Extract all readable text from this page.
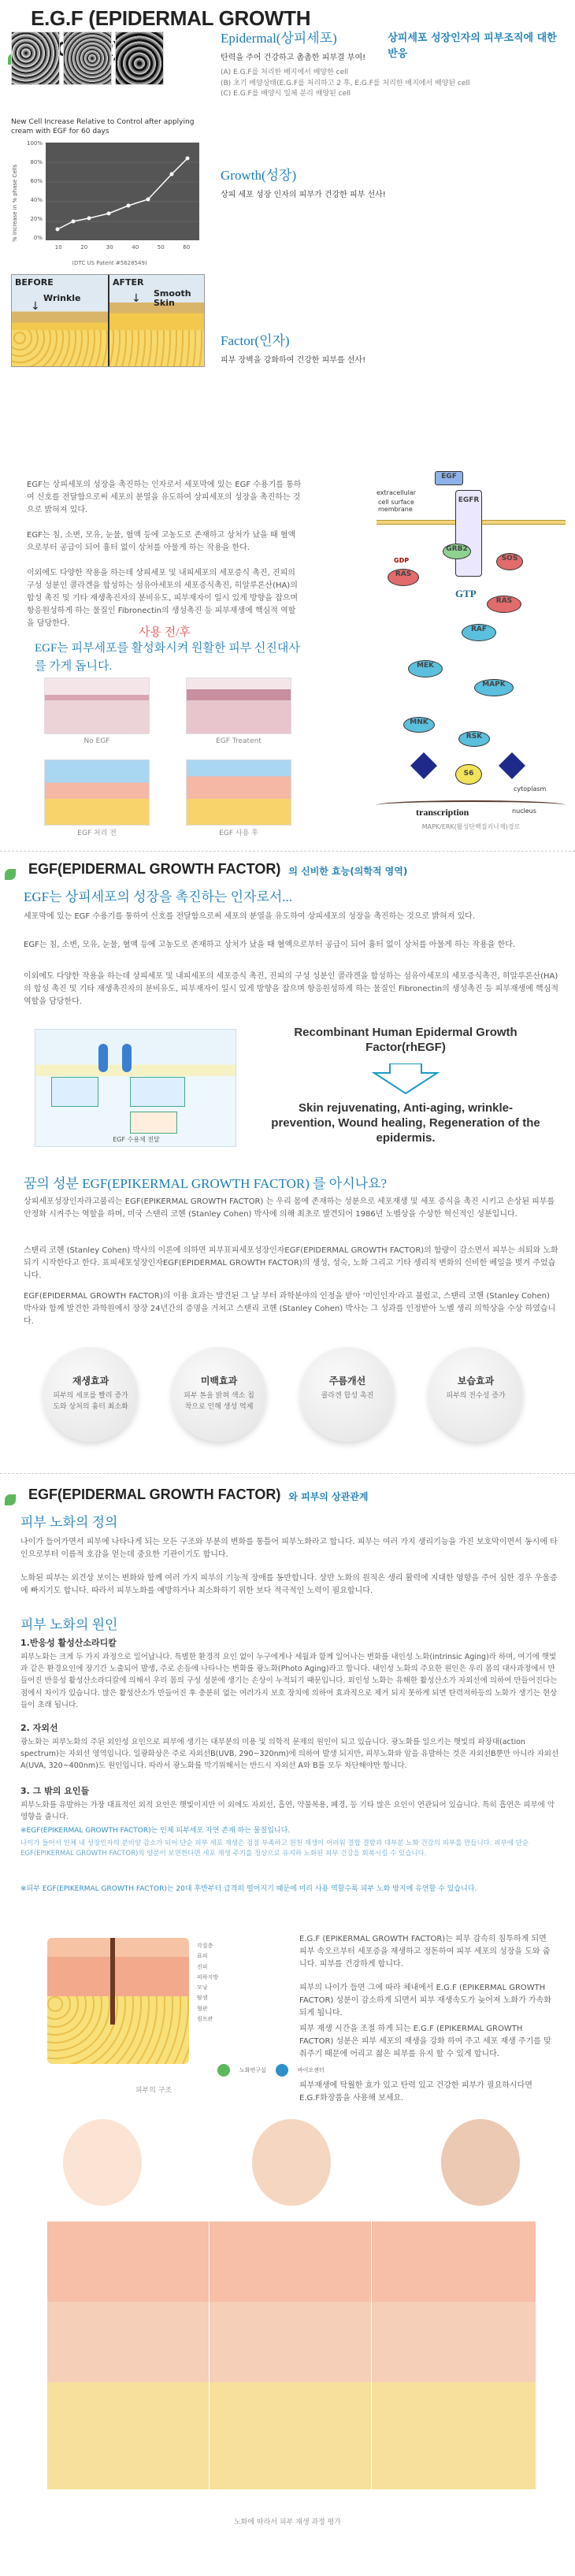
E.G.F (EPIDERMAL GROWTH
상피세포 성장인자의 피부조직에 대한 반응
Epidermal(상피세포)
탄력을 주어 건강하고 촘촘한 피부결 부여!
(A) E.G.F를 처리한 배지에서 배양한 cell
(B) 초기 배양상태(E.G.F를 처리하고 2 후, E.G.F를 처리한 배지에서 배양된 cell
(C) E.G.F를 배양시 일체 분리 배양된 cell
New Cell Increase Relative to Control after applying cream with EGF for 60 days
% Increase in % phase Cells
100%
80%
60%
40%
20%
0%
10	20	30	40	50	60
(DTC US Patent #5628549)
Growth(성장)
상피 세포 성장 인자의 피부가 건강한 피부 선사!
BEFORE	AFTER
Wrinkle	Smooth Skin
↓
↓
Factor(인자)
피부 장벽을 강화하여 건강한 피부를 선사!
EGF는 상피세포의 성장을 촉진하는 인자로서 세포막에 있는 EGF 수용기를 통하여 신호를 전달함으로써 세포의 분열을 유도하여 상피세포의 성장을 촉진하는 것으로 밝혀져 있다.
EGF는 침, 소변, 모유, 눈물, 혈액 등에 고농도로 존재하고 상처가 났을 때 혈액으로부터 공급이 되어 흉터 없이 상처를 아물게 하는 작용을 한다.
이외에도 다양한 작용을 하는데 상피세포 및 내피세포의 세포증식 촉진, 진피의 구성 성분인 콜라겐을 합성하는 섬유아세포의 세포증식촉진, 히알루론산(HA)의 합성 촉진 및 기타 재생촉진자의 분비유도, 피부재자이 일시 있게 방향을 잡으며 항응원성하게 하는 물질인 Fibronectin의 생성촉진 등 피부재생에 핵심적 역할을 담당한다.
사용 전/후
EGF는 피부세포를 활성화시켜 원활한 피부 신진대사를 가게 돕니다.
No EGF	EGF Treatent
EGF 처리 전	EGF 사용 후
EGF
extracellular
cell surface membrane
EGFR
GRB2
SOS
GDP
RAS
GTP
RAS
RAF
MEK
MAPK
MNK
RSK
S6
cytoplasm
transcription	nucleus
MAPK/ERK(활성단백질키나제)경로
EGF(EPIDERMAL GROWTH FACTOR) 의 신비한 효능(의학적 영역)
EGF는 상피세포의 성장을 촉진하는 인자로서...
세포막에 있는 EGF 수용기를 통하여 신호를 전달함으로써 세포의 분열을 유도하여 상피세포의 성장을 촉진하는 것으로 밝혀져 있다.
EGF는 침, 소변, 모유, 눈물, 혈액 등에 고농도로 존재하고 상처가 났을 때 혈액으로부터 공급이 되어 흉터 없이 상처를 아물게 하는 작용을 한다.
이외에도 다양한 작용을 하는데 상피세포 및 내피세포의 세포증식 촉진, 진피의 구성 성분인 콜라겐을 합성하는 섬유아세포의 세포증식촉진, 히알루론산(HA)의 합성 촉진 및 기타 재생촉진자의 분비유도, 피부재자이 일시 있게 방향을 잡으며 항응원성하게 하는 물질인 Fibronectin의 생성촉진 등 피부재생에 핵심적 역할을 담당한다.
EGF 수용체 전달
Recombinant Human Epidermal Growth Factor(rhEGF)
Skin rejuvenating, Anti-aging, wrinkle-prevention, Wound healing, Regeneration of the epidermis.
꿈의 성분 EGF(EPIKERMAL GROWTH FACTOR) 를 아시나요?
상피세포성장인자라고불리는 EGF(EPIKERMAL GROWTH FACTOR) 는 우리 몸에 존재하는 성분으로 세포재생 및 세포 증식을 촉진 시키고 손상된 피부를 안정화 시켜주는 역할을 하며, 미국 스탠리 코헨 (Stanley Cohen) 박사에 의해 최초로 발견되어 1986년 노벨상을 수상한 혁신적인 성분입니다.
스탠리 코헨 (Stanley Cohen) 박사의 이론에 의하면 피부표피세포성장인자EGF(EPIDERMAL GROWTH FACTOR)의 함량이 감소면서 피부는 쇠퇴와 노화되기 시작한다고 한다. 표피세포성장인자EGF(EPIDERMAL GROWTH FACTOR)의 생성, 성숙, 노화 그리고 기타 생리적 변화의 신비한 베일을 벗겨 주었습니다.
EGF(EPIDERMAL GROWTH FACTOR)의 이용 효과는 발견된 그 날 부터 과학분야의 인정을 받아 '미인인자'라고 불렀고, 스탠리 코헨 (Stanley Cohen) 박사와 함께 발견한 과학원에서 장장 24년간의 증명을 거쳐고 스탠리 코헨 (Stanley Cohen) 박사는 그 성과를 인정받아 노벨 생리 의학상을 수상 하였습니다.
재생효과
피부의 세포를 빨리 증가 도와 상처의 흉터 최소화
미백효과
피부 톤을 밝혀 색소 침착으로 인해 생성 억제
주름개선
콜라겐 합성 촉진
보습효과
피부의 전수성 증가
EGF(EPIDERMAL GROWTH FACTOR) 와 피부의 상관관계
피부 노화의 정의
나이가 들어가면서 피부에 나타나게 되는 모든 구조와 부분의 변화를 통틀어 피부노화라고 합니다. 피부는 여러 가지 생리기능을 가진 보호막이면서 동시에 타인으로부터 이름적 호감을 얻는데 중요한 기관이기도 합니다.
노화된 피부는 외견상 보이는 변화와 함께 여러 가지 피부의 기능적 장애를 동반합니다. 상반 노화의 원직은 생리 활력에 지대한 영향을 주어 심한 경우 우울증에 빠지기도 합니다. 따라서 피부노화를 예방하거나 최소화하기 위한 보다 적극적인 노력이 필요합니다.
피부 노화의 원인
1.반응성 활성산소라디칼
피부노화는 크게 두 가지 과정으로 일어납니다. 특별한 환경적 요인 없이 누구에게나 세월과 함께 일어나는 변화를 내인성 노화(intrinsic Aging)라 하며, 여기에 햇빛과 같은 환경요인에 장기간 노출되어 발생, 주로 손등에 나타나는 변화를 광노화(Photo Aging)라고 합니다. 내인성 노화의 주요한 원인은 우리 몸의 대사과정에서 만들어진 반응성 활성산소라디칼에 의해서 우리 몸의 구성 성분에 생기는 손상이 누적되기 때문입니다. 외인성 노화는 유해한 활성산소가 자외선에 의하여 만들어진다는 점에서 차이가 있습니다. 많은 활성산소가 만들어진 후 충분히 없는 여러가지 보호 장치에 의하여 효과적으로 제거 되지 못하게 되면 탄력저하등의 노화가 생기는 현상들이 초래 됩니다.
2. 자외선
광노화는 피부노화의 주된 외인성 요인으로 피부에 생기는 대부분의 미용 및 의학적 문제의 원인이 되고 있습니다. 광노화를 일으키는 햇빛의 파장대(action spectrum)는 자외선 영역입니다. 일광화상은 주로 자외선B(UVB, 290~320nm)에 의하여 발생 되지만, 피부노화와 암을 유발하는 것은 자외선B뿐만 아니라 자외선A(UVA, 320~400nm)도 원인입니다. 따라서 광노화를 막기위해서는 반드시 자외선 A와 B를 모두 차단해야만 합니다.
3. 그 밖의 요인들
피부노화를 유발하는 가장 대표적인 외적 요인은 햇빛이지만 이 외에도 자외선, 흡연, 약물복용, 폐경, 등 기타 많은 요인이 연관되어 있습니다. 특히 흡연은 피부에 악영향을 줍니다.
※EGF(EPIKERMAL GROWTH FACTOR)는 인체 피부세포 자연 존재 하는 물질입니다.
나이가 들어서 인체 내 성장인자의 분비양 감소가 되어 단순 피부 세포 재생은 점점 부족하고 원천 재생이 어려워 결합 결함과 대부분 노화 건강의 피부를 만듭니다. 피부에 단순 EGF(EPIKERMAL GROWTH FACTOR)의 양분이 보면한다면 세포 재생 주기를 정상으로 유지하 노화된 피부 건강을 회복시킬 수 있습니다.
※피부 EGF(EPIKERMAL GROWTH FACTOR)는 20대 후반부터 급격히 떨어지기 때문에 미리 사용 역할수록 피부 노화 방지에 유연할 수 있습니다.
각질층
표피
진피
피하지방
모낭
땀샘
혈관
림프관
노화연구실	바이오센터
피부의 구조
E.G.F (EPIKERMAL GROWTH FACTOR)는 피부 감속히 침투하게 되면 피부 속오르부터 세포증을 재생하고 정돈하여 피부 세포의 성장을 도와 줍니다. 피부를 건강하게 합니다.
피부의 나이가 들면 그에 따라 체내에서 E.G.F (EPIKERMAL GROWTH FACTOR) 성분이 감소하게 되면서 피부 재생속도가 늦어져 노화가 가속화 되게 됩니다.
피부 재생 시간을 조절 하게 되는 E.G.F (EPIKERMAL GROWTH FACTOR) 성분은 피부 세포의 재생을 강화 하여 주고 세포 재생 주기를 맞춰주기 때문에 어리고 젊은 피부를 유지 할 수 있게 합니다.
피부재생에 탁월한 효가 있고 탄력 있고 건강한 피부가 필요하시다면 E.G.F화장품을 사용해 보세요.
노화에 따라서 피부 재생 과정 평가
